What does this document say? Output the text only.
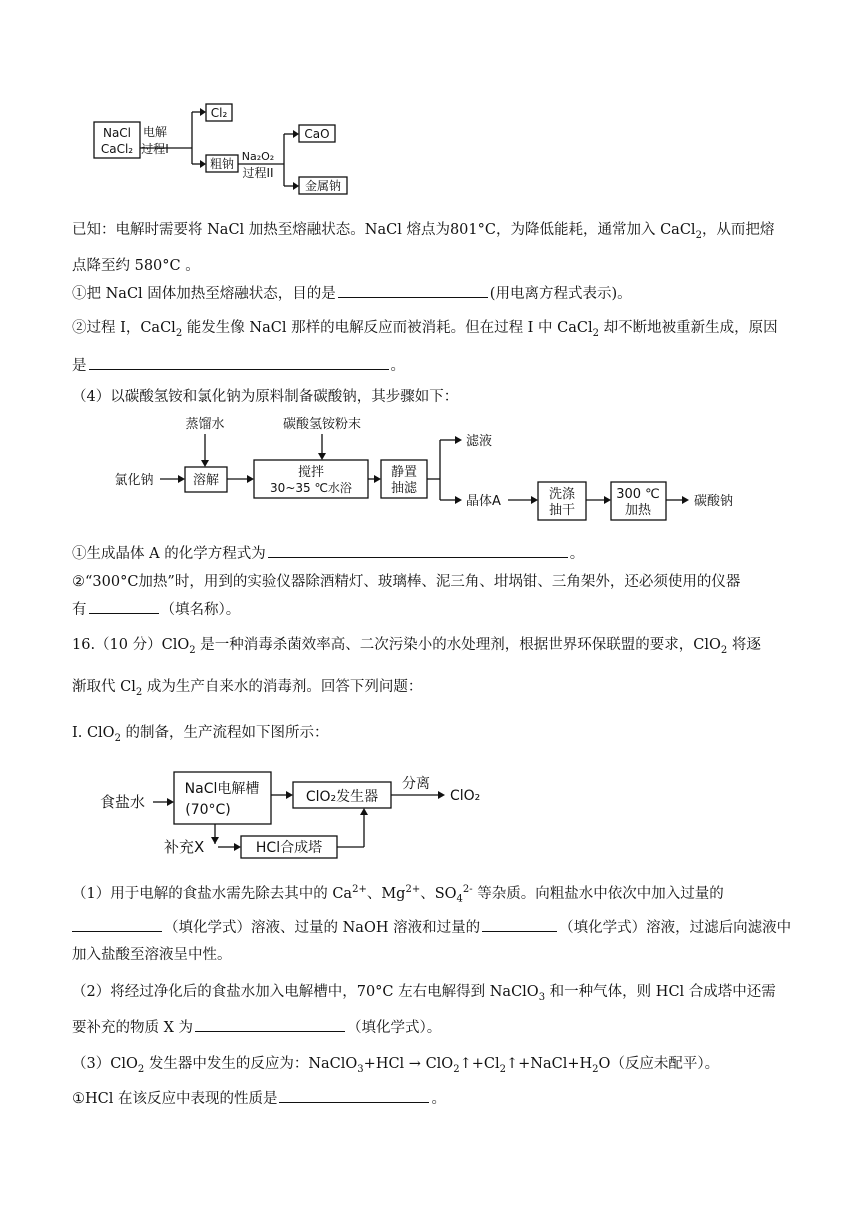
NaCl
CaCl₂
电解
过程I
Cl₂
粗钠
Na₂O₂
过程II
CaO
金属钠
已知：电解时需要将 NaCl 加热至熔融状态。NaCl 熔点为801°C，为降低能耗，通常加入 CaCl$_2$，从而把熔
点降至约 580°C 。
①把 NaCl 固体加热至熔融状态，目的是	(用电离方程式表示)。
②过程 I，CaCl$_2$ 能发生像 NaCl 那样的电解反应而被消耗。但在过程 I 中 CaCl$_2$ 却不断地被重新生成，原因
是	。
（4）以碳酸氢铵和氯化钠为原料制备碳酸钠，其步骤如下：
蒸馏水	碳酸氢铵粉末
氯化钠	溶解
搅拌
30~35 ℃水浴
静置
抽滤
滤液
晶体A	洗涤
抽干
300 ℃
加热
碳酸钠
①生成晶体 A 的化学方程式为	。
②“300°C加热”时，用到的实验仪器除酒精灯、玻璃棒、泥三角、坩埚钳、三角架外，还必须使用的仪器
有	（填名称）。
16.（10 分）ClO$_2$ 是一种消毒杀菌效率高、二次污染小的水处理剂，根据世界环保联盟的要求，ClO$_2$ 将逐
渐取代 $Cl_2$ 成为生产自来水的消毒剂。回答下列问题：
I. ClO$_2$ 的制备，生产流程如下图所示：
食盐水
NaCl电解槽
(70°C)
ClO₂发生器
分离
ClO₂
补充X	HCl合成塔
（1）用于电解的食盐水需先除去其中的 $Ca^{2+}$、$Mg^{2+}$、$SO_4^{2-}$ 等杂质。向粗盐水中依次中加入过量的
（填化学式）溶液、过量的 NaOH 溶液和过量的	（填化学式）溶液，过滤后向滤液中
加入盐酸至溶液呈中性。
（2）将经过净化后的食盐水加入电解槽中，70°C 左右电解得到 NaClO$_3$ 和一种气体，则 HCl 合成塔中还需
要补充的物质 X 为	（填化学式）。
（3）ClO$_2$ 发生器中发生的反应为：NaClO$_3$+HCl → $ClO_2↑+Cl_2↑+NaCl+H_2O$（反应未配平）。
①HCl 在该反应中表现的性质是	。
